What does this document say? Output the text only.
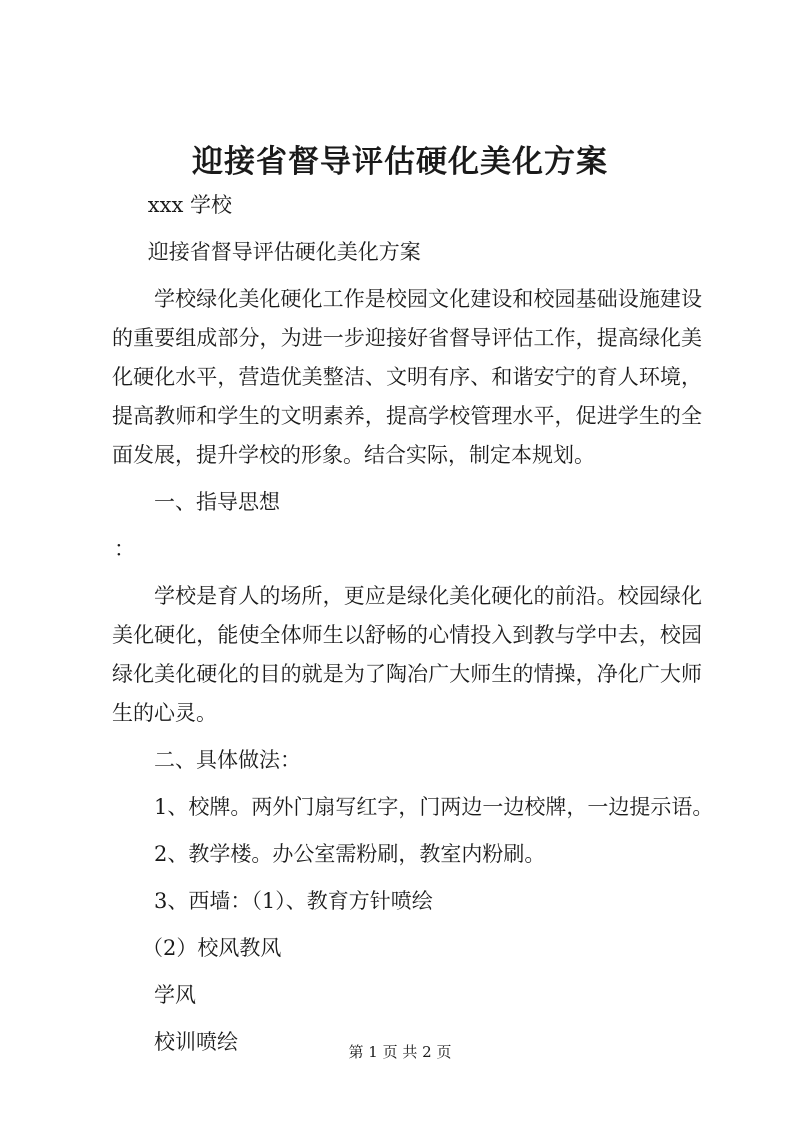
迎接省督导评估硬化美化方案

xxx 学校

迎接省督导评估硬化美化方案

学校绿化美化硬化工作是校园文化建设和校园基础设施建设的重要组成部分，为进一步迎接好省督导评估工作，提高绿化美化硬化水平，营造优美整洁、文明有序、和谐安宁的育人环境，提高教师和学生的文明素养，提高学校管理水平，促进学生的全面发展，提升学校的形象。结合实际，制定本规划。

一、指导思想

：

学校是育人的场所，更应是绿化美化硬化的前沿。校园绿化美化硬化，能使全体师生以舒畅的心情投入到教与学中去，校园绿化美化硬化的目的就是为了陶冶广大师生的情操，净化广大师生的心灵。

二、具体做法：

1、校牌。两外门扇写红字，门两边一边校牌，一边提示语。

2、教学楼。办公室需粉刷，教室内粉刷。

3、西墙：（1）、教育方针喷绘

（2）校风教风

学风

校训喷绘	第 1 页 共 2 页
